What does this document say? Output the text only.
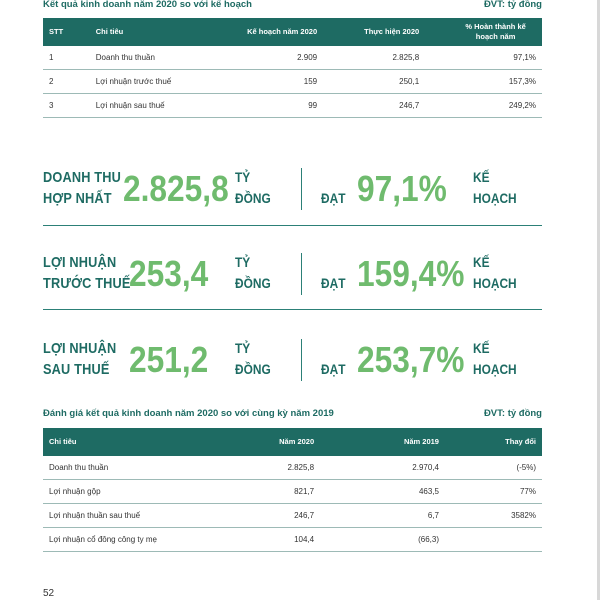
Kết quả kinh doanh năm 2020 so với kế hoạch	ĐVT: tỷ đồng
STT	Chỉ tiêu	Kế hoạch năm 2020	Thực hiện 2020	% Hoàn thành kế hoạch năm
1	Doanh thu thuần	2.909	2.825,8	97,1%
2	Lợi nhuận trước thuế	159	250,1	157,3%
3	Lợi nhuận sau thuế	99	246,7	249,2%
DOANH THU
HỢP NHẤT 2.825,8 TỶ
ĐỒNG	ĐẠT 97,1% KẾ
HOẠCH
LỢI NHUẬN
TRƯỚC THUẾ
253,4 TỶ
ĐỒNG	ĐẠT 159,4% KẾ
HOẠCH
LỢI NHUẬN
SAU THUẾ 251,2 TỶ
ĐỒNG	ĐẠT 253,7% KẾ
HOẠCH
Đánh giá kết quả kinh doanh năm 2020 so với cùng kỳ năm 2019	ĐVT: tỷ đồng
Chỉ tiêu	Năm 2020	Năm 2019	Thay đổi
Doanh thu thuần	2.825,8	2.970,4	(-5%)
Lợi nhuận gộp	821,7	463,5	77%
Lợi nhuận thuần sau thuế	246,7	6,7	3582%
Lợi nhuận cổ đông công ty mẹ	104,4	(66,3)	
52
